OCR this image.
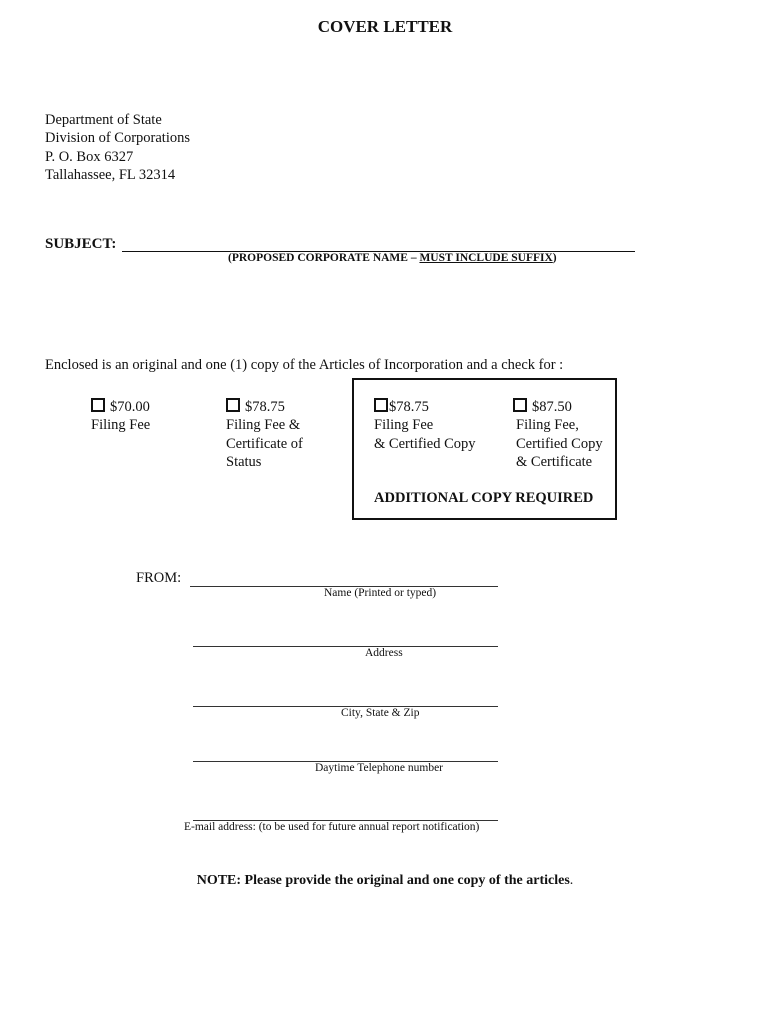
COVER LETTER
Department of State
Division of Corporations
P. O. Box 6327
Tallahassee, FL 32314
SUBJECT:
(PROPOSED CORPORATE NAME – MUST INCLUDE SUFFIX)
Enclosed is an original and one (1) copy of the Articles of Incorporation and a check for :
$70.00
Filing Fee
$78.75
Filing Fee &
Certificate of
Status
$78.75
Filing Fee
& Certified Copy
$87.50
Filing Fee,
Certified Copy
& Certificate
ADDITIONAL COPY REQUIRED
FROM:
Name (Printed or typed)
Address
City, State & Zip
Daytime Telephone number
E-mail address: (to be used for future annual report notification)
NOTE: Please provide the original and one copy of the articles.
